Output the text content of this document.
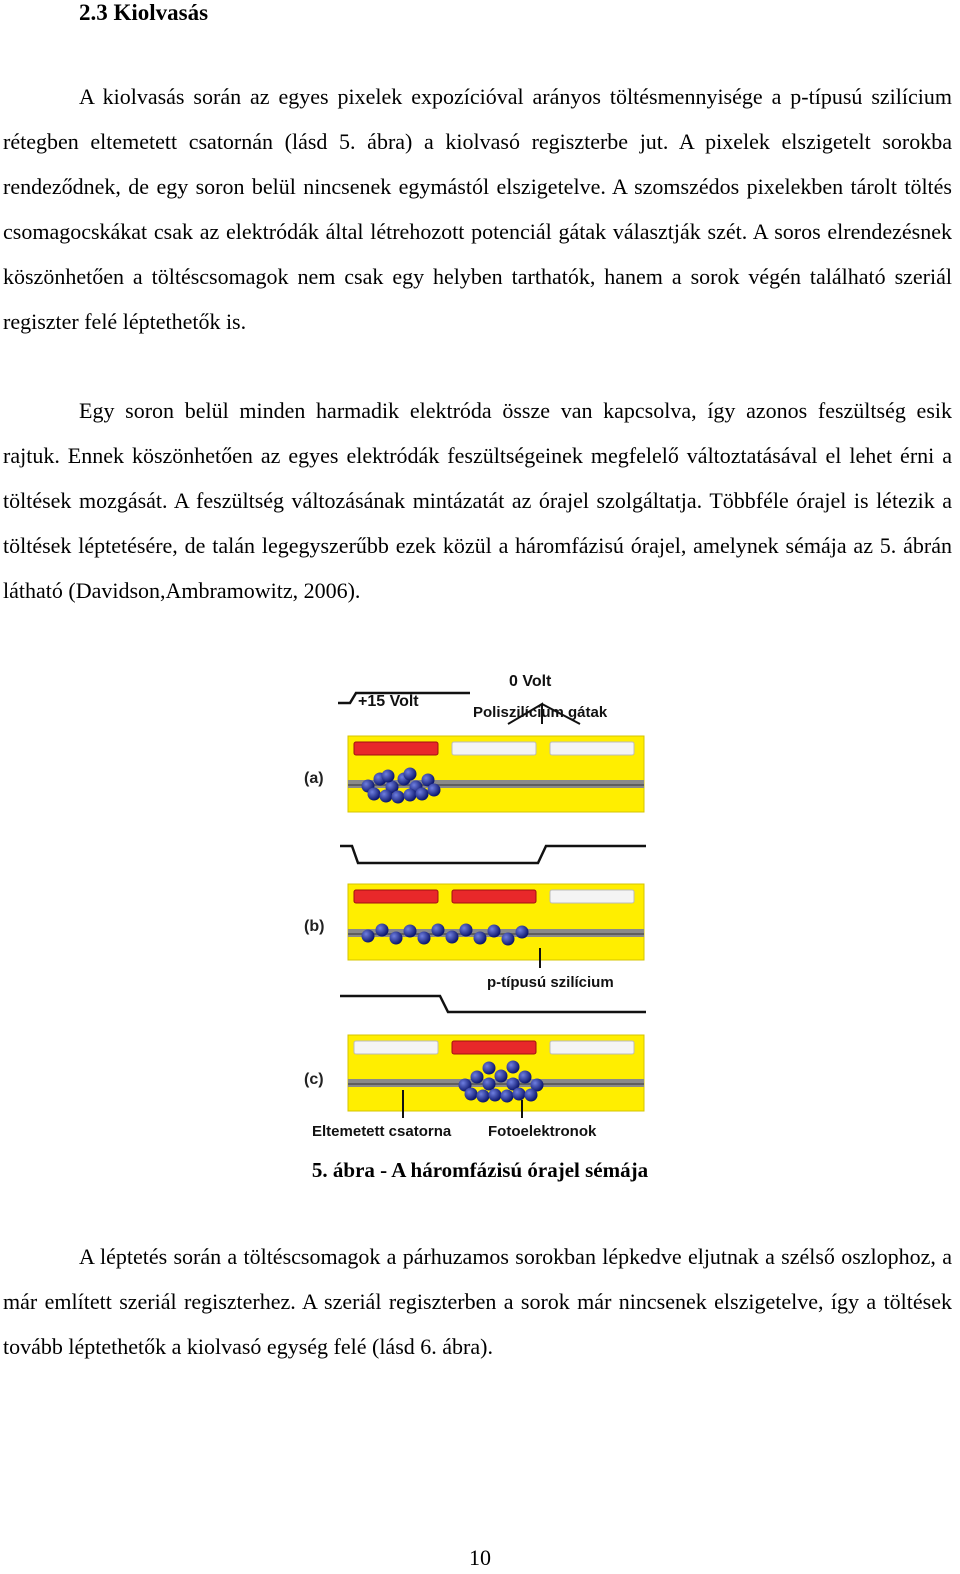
2.3 Kiolvasás

A kiolvasás során az egyes pixelek expozícióval arányos töltésmennyisége a p-típusú szilícium rétegben eltemetett csatornán (lásd 5. ábra) a kiolvasó regiszterbe jut. A pixelek elszigetelt sorokba rendeződnek, de egy soron belül nincsenek egymástól elszigetelve. A szomszédos pixelekben tárolt töltés csomagocskákat csak az elektródák által létrehozott potenciál gátak választják szét. A soros elrendezésnek köszönhetően a töltéscsomagok nem csak egy helyben tarthatók, hanem a sorok végén található szeriál regiszter felé léptethetők is.

Egy soron belül minden harmadik elektróda össze van kapcsolva, így azonos feszültség esik rajtuk. Ennek köszönhetően az egyes elektródák feszültségeinek megfelelő változtatásával el lehet érni a töltések mozgását. A feszültség változásának mintázatát az órajel szolgáltatja. Többféle órajel is létezik a töltések léptetésére, de talán legegyszerűbb ezek közül a háromfázisú órajel, amelynek sémája az 5. ábrán látható (Davidson,Ambramowitz, 2006).

0 Volt
+15 Volt
Poliszilícium gátak
(a)
(b)
p-típusú szilícium
(c)
Eltemetett csatorna Fotoelektronok
5. ábra - A háromfázisú órajel sémája

A léptetés során a töltéscsomagok a párhuzamos sorokban lépkedve eljutnak a szélső oszlophoz, a már említett szeriál regiszterhez. A szeriál regiszterben a sorok már nincsenek elszigetelve, így a töltések tovább léptethetők a kiolvasó egység felé (lásd 6. ábra).

10
